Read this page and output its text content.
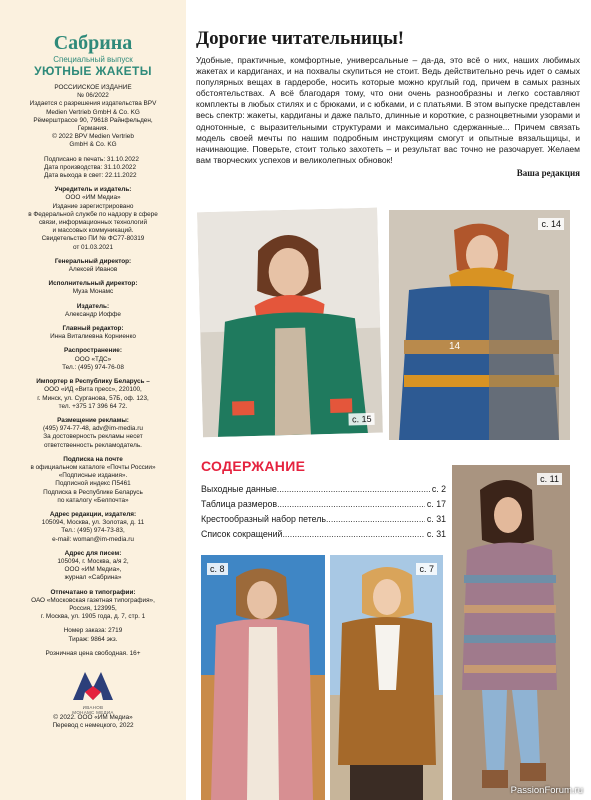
Сабрина
Специальный выпуск
УЮТНЫЕ ЖАКЕТЫ
РОССИЙСКОЕ ИЗДАНИЕ
№ 06/2022
Издается с разрешения издательства BPV
Medien Vertrieb GmbH & Co. KG
Рёмерштрассе 90, 79618 Райнфельден,
Германия.
© 2022 BPV Medien Vertrieb
GmbH & Co. KG
Подписано в печать: 31.10.2022
Дата производства: 31.10.2022
Дата выхода в свет: 22.11.2022
Учредитель и издатель:
ООО «ИМ Медиа»
Издание зарегистрировано
в Федеральной службе по надзору в сфере
связи, информационных технологий
и массовых коммуникаций.
Свидетельство ПИ № ФС77-80319
от 01.03.2021
Генеральный директор:
Алексей Иванов
Исполнительный директор:
Муза Монамс
Издатель:
Александр Иоффе
Главный редактор:
Инна Виталиевна Корниенко
Распространение:
ООО «ТДС»
Тел.: (495) 974-76-08
Импортер в Республику Беларусь –
ООО «ИД «Вита пресс», 220100,
г. Минск, ул. Сурганова, 57Б, оф. 123,
тел. +375 17 396 64 72.
Размещение рекламы:
(495) 974-77-48, adv@im-media.ru
За достоверность рекламы несет
ответственность рекламодатель.
Подписка на почте
в официальном каталоге «Почты России»
«Подписные издания».
Подписной индекс П5461
Подписка в Республике Беларусь
по каталогу «Белпочта»
Адрес редакции, издателя:
105094, Москва, ул. Золотая, д. 11
Тел.: (495) 974-73-83,
e-mail: woman@im-media.ru
Адрес для писем:
105094, г. Москва, а/я 2,
ООО «ИМ Медиа»,
журнал «Сабрина»
Отпечатано в типографии:
ОАО «Московская газетная типография»,
Россия, 123995,
г. Москва, ул. 1905 года, д. 7, стр. 1
Номер заказа: 2719
Тираж: 9864 экз.
Розничная цена свободная. 16+
ИВАНОВ МОНАМС МЕДИА
© 2022. ООО «ИМ Медиа»
Перевод с немецкого, 2022
Дорогие читательницы!

Удобные, практичные, комфортные, универсальные – да-да, это всё о них, наших любимых жакетах и кардиганах, и на похвалы скупиться не стоит. Ведь действительно речь идет о самых популярных вещах в гардеробе, носить которые можно круглый год, причем в самых разных обстоятельствах. А всё благодаря тому, что они очень разнообразны и легко составляют комплекты в любых стилях и с брюками, и с юбками, и с платьями. В этом выпуске представлен весь спектр: жакеты, кардиганы и даже пальто, длинные и короткие, с разноцветными узорами и однотонные, с выразительными структурами и максимально сдержанные... Причем связать модель своей мечты по нашим подробным инструкциям смогут и опытные вязальщицы, и начинающие. Поверьте, стоит только захотеть – и результат вас точно не разочарует. Желаем вам творческих успехов и великолепных обновок!

Ваша редакция
с. 15
с. 14
14
СОДЕРЖАНИЕ
Выходные данные .....	с. 2
Таблица размеров .....	с. 17
Крестообразный набор петель .....	с. 31
Список сокращений .....	с. 31
с. 11
с. 8	с. 7
PassionForum.ru
